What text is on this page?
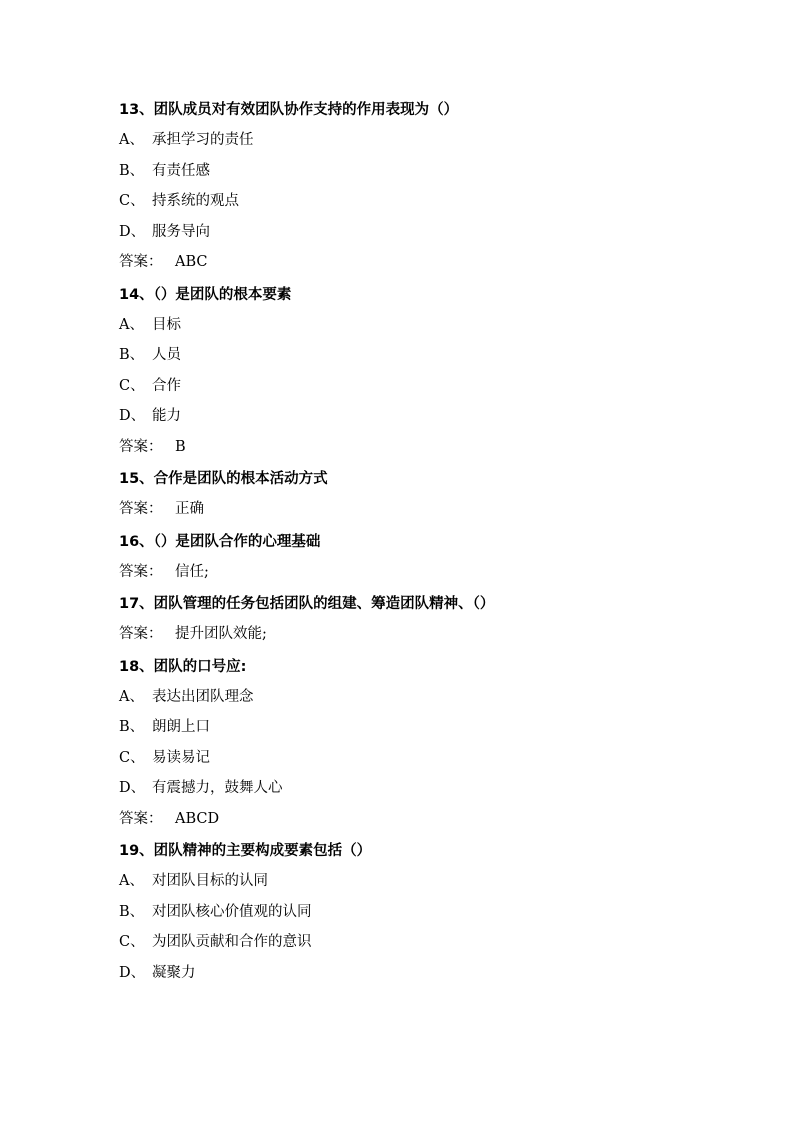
13、团队成员对有效团队协作支持的作用表现为（）
A、 承担学习的责任
B、 有责任感
C、 持系统的观点
D、 服务导向
答案： ABC
14、（）是团队的根本要素
A、 目标
B、 人员
C、 合作
D、 能力
答案： B
15、合作是团队的根本活动方式
答案： 正确
16、（）是团队合作的心理基础
答案： 信任;
17、团队管理的任务包括团队的组建、筹造团队精神、（）
答案： 提升团队效能;
18、团队的口号应:
A、 表达出团队理念
B、 朗朗上口
C、 易读易记
D、 有震撼力，鼓舞人心
答案： ABCD
19、团队精神的主要构成要素包括（）
A、 对团队目标的认同
B、 对团队核心价值观的认同
C、 为团队贡献和合作的意识
D、 凝聚力
